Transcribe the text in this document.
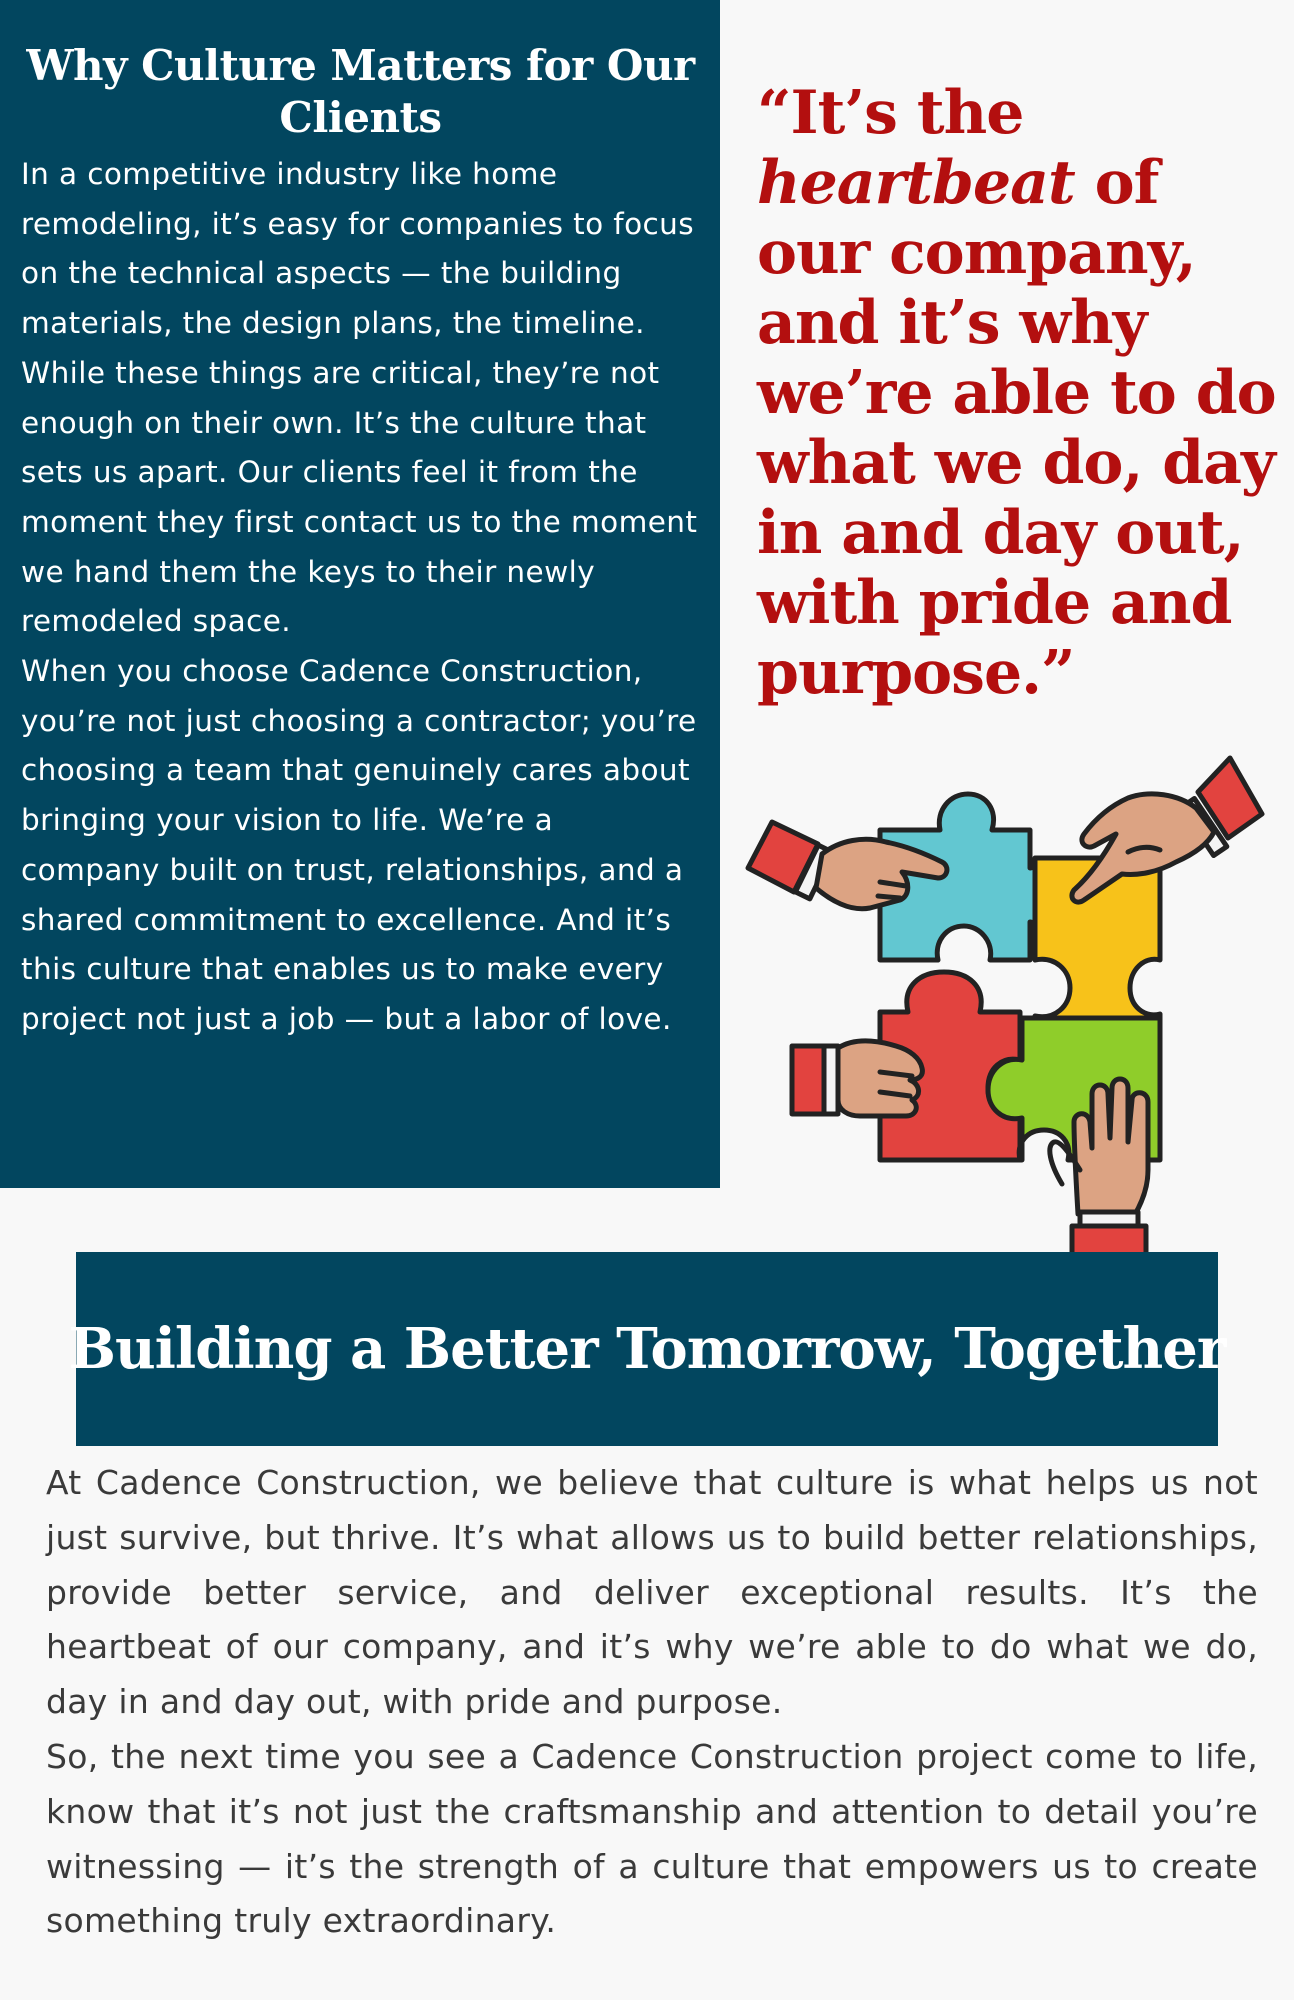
Why Culture Matters for Our Clients

In a competitive industry like home remodeling, it’s easy for companies to focus on the technical aspects — the building materials, the design plans, the timeline. While these things are critical, they’re not enough on their own. It’s the culture that sets us apart. Our clients feel it from the moment they first contact us to the moment we hand them the keys to their newly remodeled space.

When you choose Cadence Construction, you’re not just choosing a contractor; you’re choosing a team that genuinely cares about bringing your vision to life. We’re a company built on trust, relationships, and a shared commitment to excellence. And it’s this culture that enables us to make every project not just a job — but a labor of love.

“It’s the heartbeat of our company, and it’s why we’re able to do what we do, day in and day out, with pride and purpose.”

Building a Better Tomorrow, Together

At Cadence Construction, we believe that culture is what helps us not just survive, but thrive. It’s what allows us to build better relationships, provide better service, and deliver exceptional results. It’s the heartbeat of our company, and it’s why we’re able to do what we do, day in and day out, with pride and purpose.

So, the next time you see a Cadence Construction project come to life, know that it’s not just the craftsmanship and attention to detail you’re witnessing — it’s the strength of a culture that empowers us to create something truly extraordinary.
